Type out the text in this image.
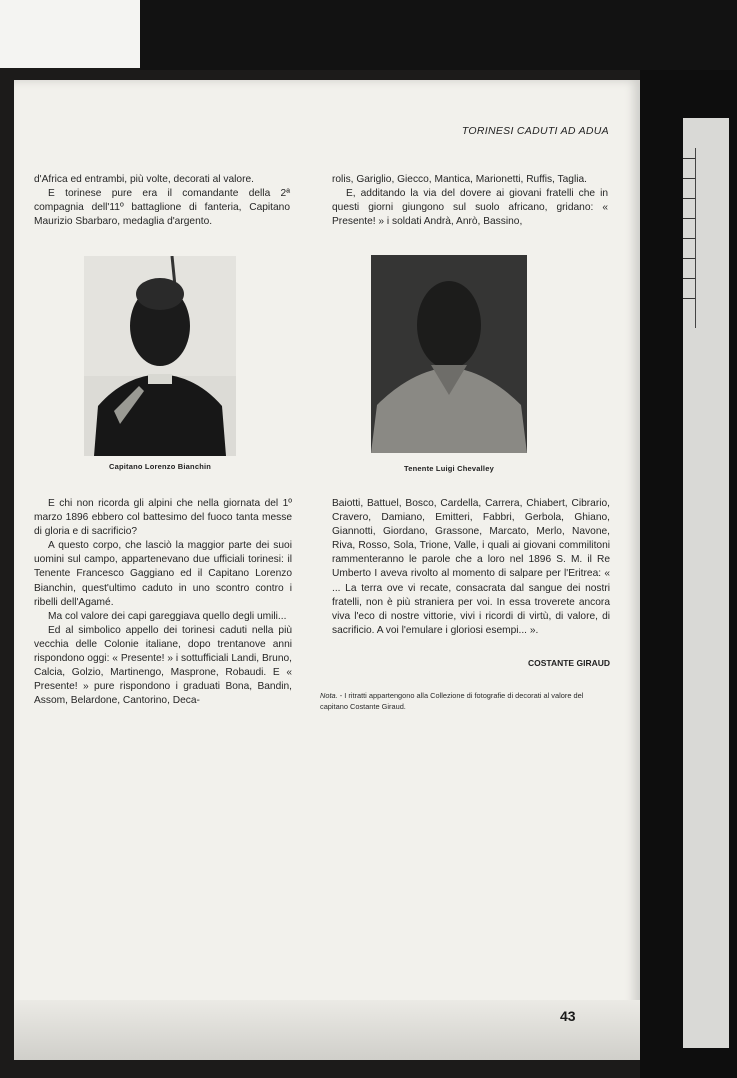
TORINESI CADUTI AD ADUA

d'Africa ed entrambi, più volte, decorati al valore.

E torinese pure era il comandante della 2ª compagnia dell'11º battaglione di fanteria, Capitano Maurizio Sbarbaro, medaglia d'argento.

rolis, Gariglio, Giecco, Mantica, Marionetti, Ruffis, Taglia.

E, additando la via del dovere ai giovani fratelli che in questi giorni giungono sul suolo africano, gridano: « Presente! » i soldati Andrà, Anrò, Bassino,

Capitano Lorenzo Bianchin	Tenente Luigi Chevalley

E chi non ricorda gli alpini che nella giornata del 1º marzo 1896 ebbero col battesimo del fuoco tanta messe di gloria e di sacrificio?

A questo corpo, che lasciò la maggior parte dei suoi uomini sul campo, appartenevano due ufficiali torinesi: il Tenente Francesco Gaggiano ed il Capitano Lorenzo Bianchin, quest'ultimo caduto in uno scontro contro i ribelli dell'Agamé.

Ma col valore dei capi gareggiava quello degli umili...

Ed al simbolico appello dei torinesi caduti nella più vecchia delle Colonie italiane, dopo trentanove anni rispondono oggi: « Presente! » i sottufficiali Landi, Bruno, Calcia, Golzio, Martinengo, Masprone, Robaudi. E « Presente! » pure rispondono i graduati Bona, Bandin, Assom, Belardone, Cantorino, Deca-

Baiotti, Battuel, Bosco, Cardella, Carrera, Chiabert, Cibrario, Cravero, Damiano, Emitteri, Fabbri, Gerbola, Ghiano, Giannotti, Giordano, Grassone, Marcato, Merlo, Navone, Riva, Rosso, Sola, Trione, Valle, i quali ai giovani commilitoni rammenteranno le parole che a loro nel 1896 S. M. il Re Umberto I aveva rivolto al momento di salpare per l'Eritrea: « ... La terra ove vi recate, consacrata dal sangue dei nostri fratelli, non è più straniera per voi. In essa troverete ancora viva l'eco di nostre vittorie, vivi i ricordi di virtù, di valore, di sacrificio. A voi l'emulare i gloriosi esempi... ».

COSTANTE GIRAUD
Nota. - I ritratti appartengono alla Collezione di fotografie di decorati al valore del capitano Costante Giraud.
43
